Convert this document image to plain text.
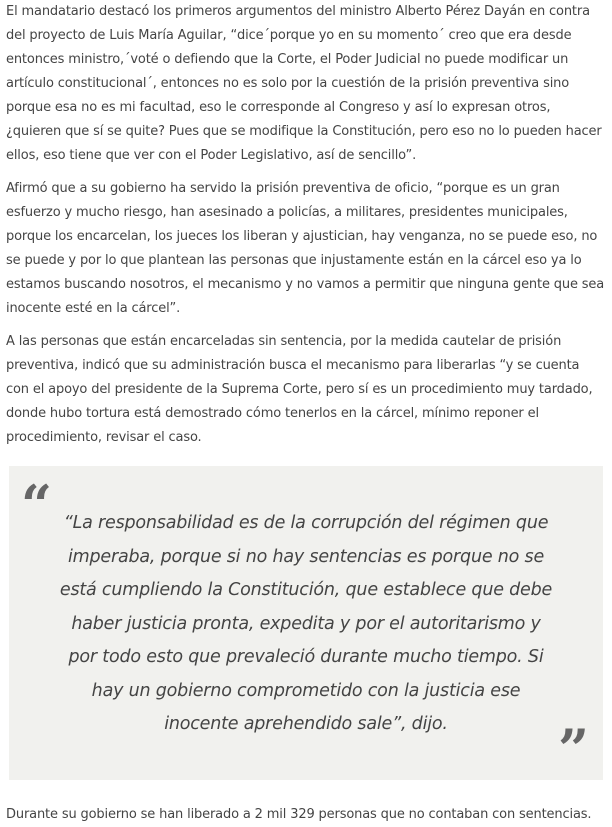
El mandatario destacó los primeros argumentos del ministro Alberto Pérez Dayán en contra del proyecto de Luis María Aguilar, “dice´porque yo en su momento´ creo que era desde entonces ministro,´voté o defiendo que la Corte, el Poder Judicial no puede modificar un artículo constitucional´, entonces no es solo por la cuestión de la prisión preventiva sino porque esa no es mi facultad, eso le corresponde al Congreso y así lo expresan otros, ¿quieren que sí se quite? Pues que se modifique la Constitución, pero eso no lo pueden hacer ellos, eso tiene que ver con el Poder Legislativo, así de sencillo”.

Afirmó que a su gobierno ha servido la prisión preventiva de oficio, “porque es un gran esfuerzo y mucho riesgo, han asesinado a policías, a militares, presidentes municipales, porque los encarcelan, los jueces los liberan y ajustician, hay venganza, no se puede eso, no se puede y por lo que plantean las personas que injustamente están en la cárcel eso ya lo estamos buscando nosotros, el mecanismo y no vamos a permitir que ninguna gente que sea inocente esté en la cárcel”.

A las personas que están encarceladas sin sentencia, por la medida cautelar de prisión preventiva, indicó que su administración busca el mecanismo para liberarlas “y se cuenta con el apoyo del presidente de la Suprema Corte, pero sí es un procedimiento muy tardado, donde hubo tortura está demostrado cómo tenerlos en la cárcel, mínimo reponer el procedimiento, revisar el caso.

“ “La responsabilidad es de la corrupción del régimen que imperaba, porque si no hay sentencias es porque no se está cumpliendo la Constitución, que establece que debe haber justicia pronta, expedita y por el autoritarismo y por todo esto que prevaleció durante mucho tiempo. Si hay un gobierno comprometido con la justicia ese inocente aprehendido sale”, dijo.	”

Durante su gobierno se han liberado a 2 mil 329 personas que no contaban con sentencias.
